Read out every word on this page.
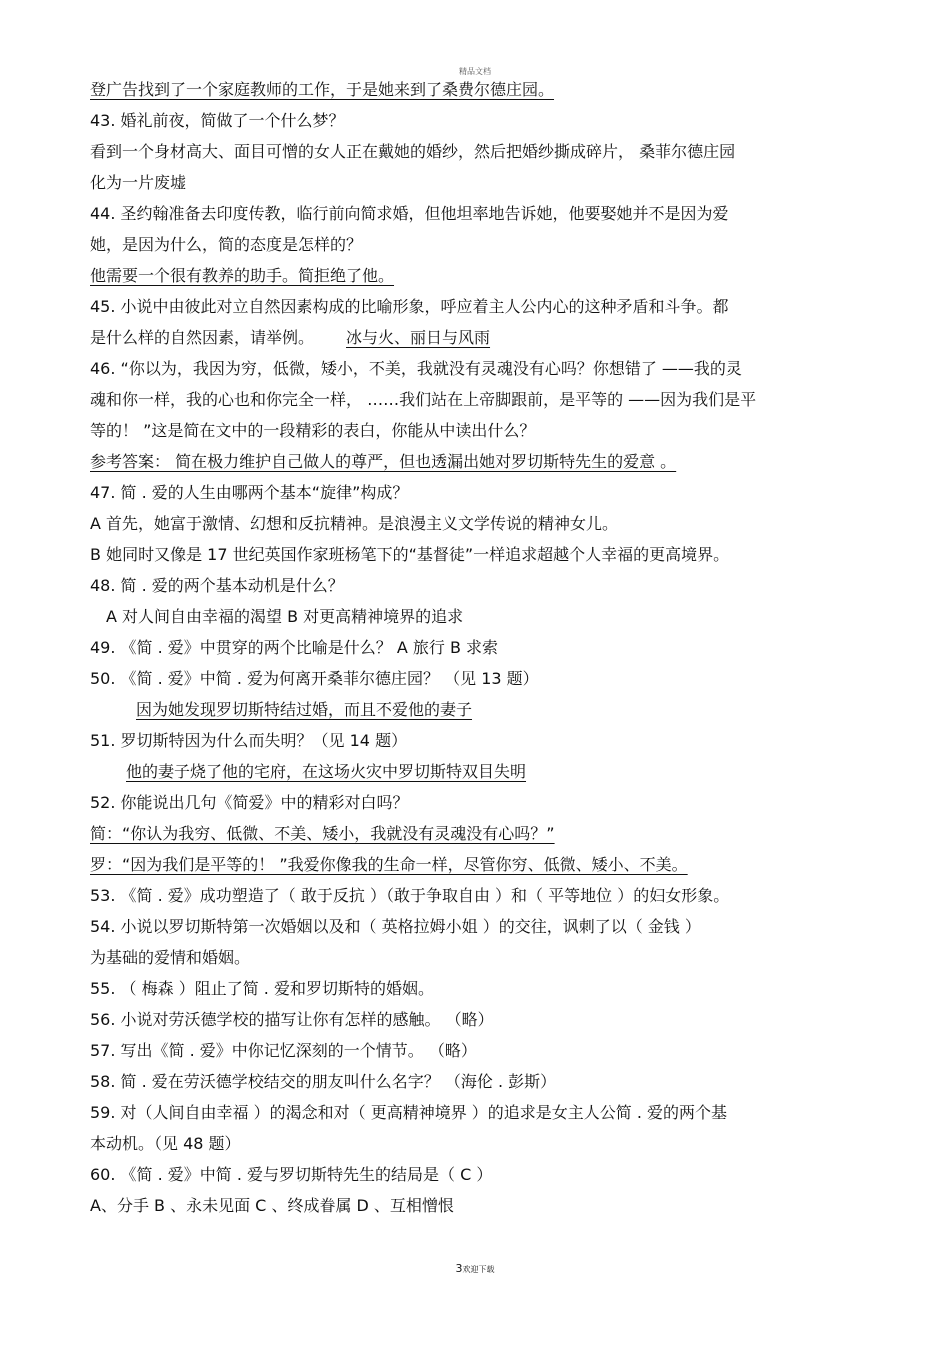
精品文档
登广告找到了一个家庭教师的工作，于是她来到了桑费尔德庄园。  
43. 婚礼前夜，简做了一个什么梦？
看到一个身材高大、面目可憎的女人正在戴她的婚纱，然后把婚纱撕成碎片， 桑菲尔德庄园
化为一片废墟
44. 圣约翰准备去印度传教，临行前向简求婚，但他坦率地告诉她，他要娶她并不是因为爱
她，是因为什么，简的态度是怎样的？
他需要一个很有教养的助手。简拒绝了他。
45. 小说中由彼此对立自然因素构成的比喻形象，呼应着主人公内心的这种矛盾和斗争。都
是什么样的自然因素，请举例。   冰与火、丽日与风雨
46. “你以为，我因为穷，低微，矮小，不美，我就没有灵魂没有心吗？你想错了 ——我的灵
魂和你一样，我的心也和你完全一样， ……我们站在上帝脚跟前，是平等的 ——因为我们是平
等的！ ”这是简在文中的一段精彩的表白，你能从中读出什么？
参考答案： 简在极力维护自己做人的尊严，但也透漏出她对罗切斯特先生的爱意 。
47. 简 . 爱的人生由哪两个基本“旋律”构成？
A 首先，她富于激情、幻想和反抗精神。是浪漫主义文学传说的精神女儿。
B 她同时又像是 17 世纪英国作家班杨笔下的“基督徒”一样追求超越个人幸福的更高境界。
48. 简 . 爱的两个基本动机是什么？
A 对人间自由幸福的渴望 B 对更高精神境界的追求
49. 《简 . 爱》中贯穿的两个比喻是什么？ A 旅行 B 求索
50. 《简 . 爱》中简 . 爱为何离开桑菲尔德庄园？ （见 13 题）
因为她发现罗切斯特结过婚，而且不爱他的妻子 
51. 罗切斯特因为什么而失明？（见 14 题）
他的妻子烧了他的宅府，在这场火灾中罗切斯特双目失明  
52. 你能说出几句《简爱》中的精彩对白吗？
简：“你认为我穷、低微、不美、矮小，我就没有灵魂没有心吗？” 
罗：“因为我们是平等的！ ”我爱你像我的生命一样，尽管你穷、低微、矮小、不美。  
53. 《简 . 爱》成功塑造了（ 敢于反抗 ）（敢于争取自由 ）和（ 平等地位 ）的妇女形象。
54. 小说以罗切斯特第一次婚姻以及和（ 英格拉姆小姐 ）的交往，讽刺了以（ 金钱 ）
为基础的爱情和婚姻。
55. （ 梅森 ）阻止了简 . 爱和罗切斯特的婚姻。
56. 小说对劳沃德学校的描写让你有怎样的感触。 （略）
57. 写出《简 . 爱》中你记忆深刻的一个情节。 （略）
58. 简 . 爱在劳沃德学校结交的朋友叫什么名字？ （海伦 . 彭斯）
59. 对（人间自由幸福 ）的渴念和对（ 更高精神境界 ）的追求是女主人公简 . 爱的两个基
本动机。（见 48 题）
60. 《简 . 爱》中简 . 爱与罗切斯特先生的结局是（ C ）
A、分手 B 、永未见面 C 、终成眷属 D 、互相憎恨
3欢迎下载
